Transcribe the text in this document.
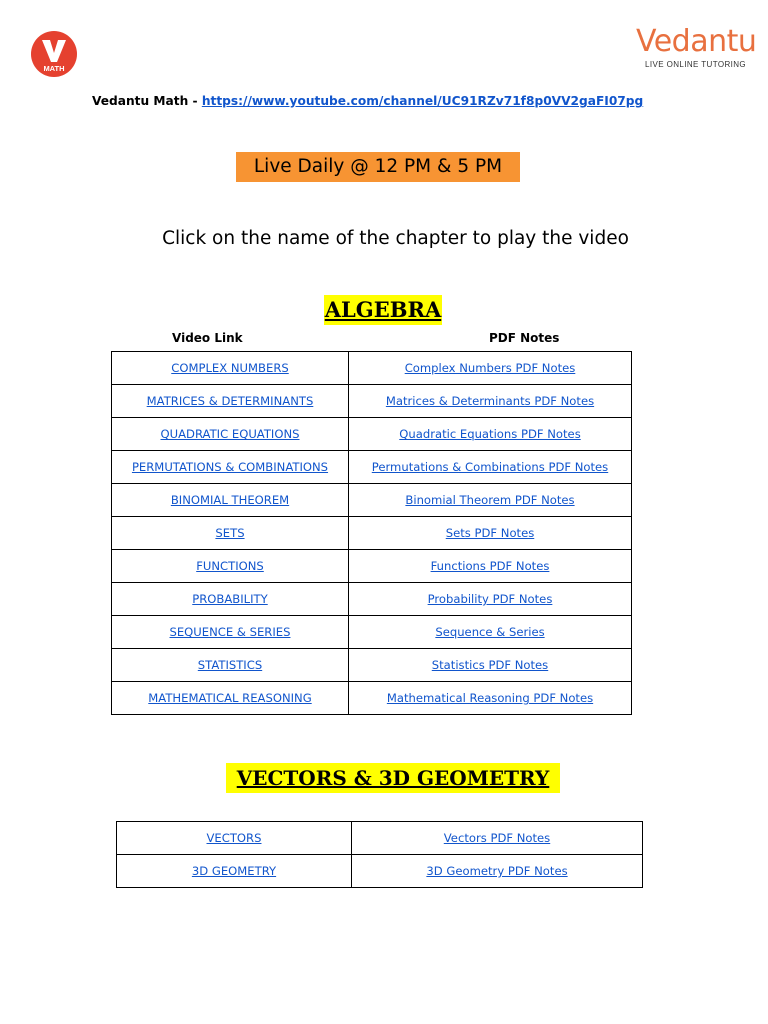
MATH
Vedantu
LIVE ONLINE TUTORING
Vedantu Math - https://www.youtube.com/channel/UC91RZv71f8p0VV2gaFI07pg
Live Daily @ 12 PM & 5 PM
Click on the name of the chapter to play the video
ALGEBRA
Video Link	PDF Notes
COMPLEX NUMBERS	Complex Numbers PDF Notes
MATRICES & DETERMINANTS	Matrices & Determinants PDF Notes
QUADRATIC EQUATIONS	Quadratic Equations PDF Notes
PERMUTATIONS & COMBINATIONS	Permutations & Combinations PDF Notes
BINOMIAL THEOREM	Binomial Theorem PDF Notes
SETS	Sets PDF Notes
FUNCTIONS	Functions PDF Notes
PROBABILITY	Probability PDF Notes
SEQUENCE & SERIES	Sequence & Series
STATISTICS	Statistics PDF Notes
MATHEMATICAL REASONING	Mathematical Reasoning PDF Notes
VECTORS & 3D GEOMETRY
VECTORS	Vectors PDF Notes
3D GEOMETRY	3D Geometry PDF Notes
